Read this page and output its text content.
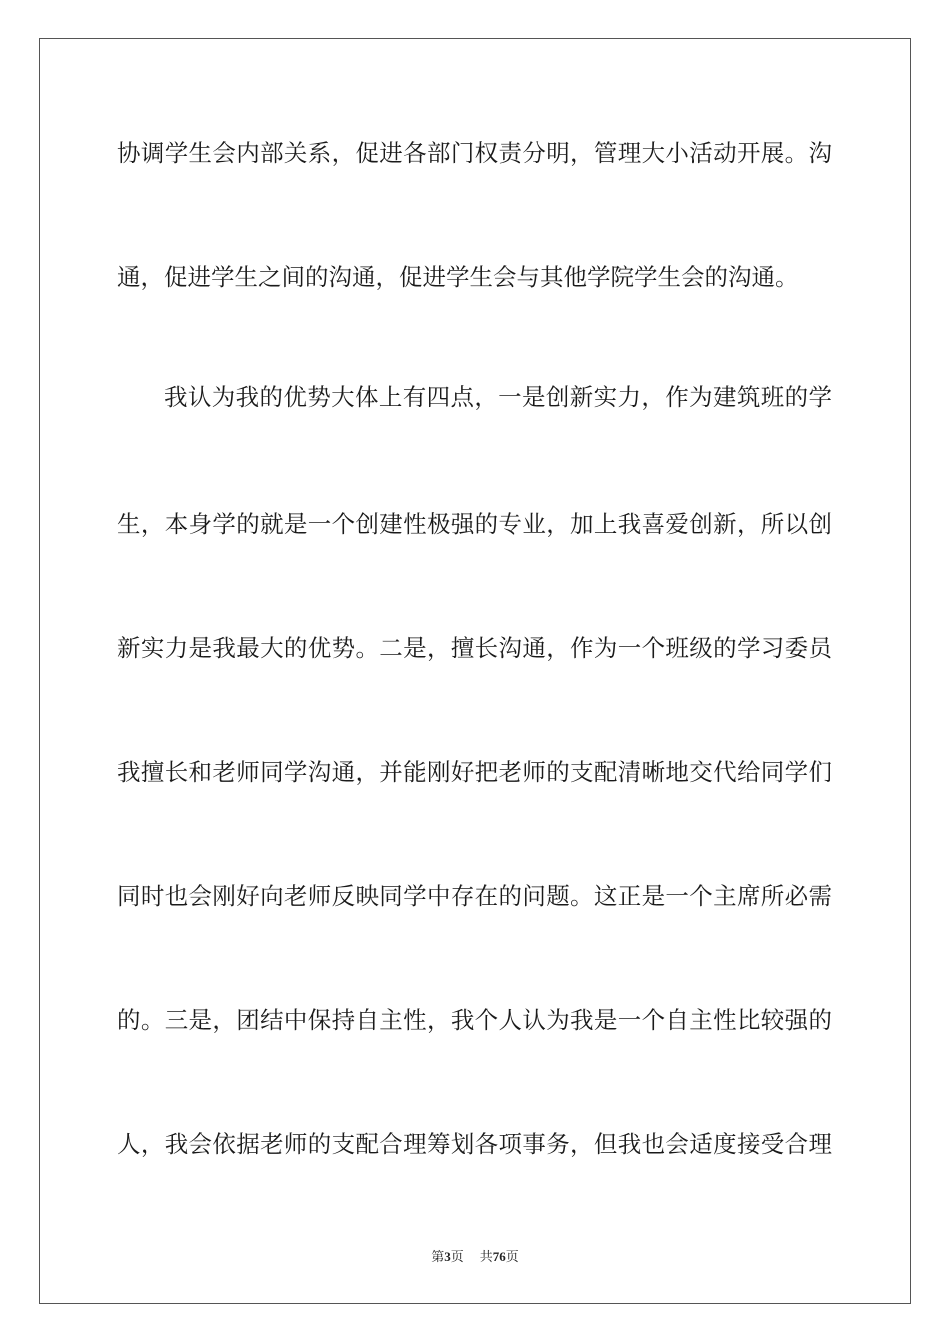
协调学生会内部关系，促进各部门权责分明，管理大小活动开展。沟
通，促进学生之间的沟通，促进学生会与其他学院学生会的沟通。
我认为我的优势大体上有四点，一是创新实力，作为建筑班的学
生，本身学的就是一个创建性极强的专业，加上我喜爱创新，所以创
新实力是我最大的优势。二是，擅长沟通，作为一个班级的学习委员
我擅长和老师同学沟通，并能刚好把老师的支配清晰地交代给同学们
同时也会刚好向老师反映同学中存在的问题。这正是一个主席所必需
的。三是，团结中保持自主性，我个人认为我是一个自主性比较强的
人，我会依据老师的支配合理筹划各项事务，但我也会适度接受合理
第3页 共76页
